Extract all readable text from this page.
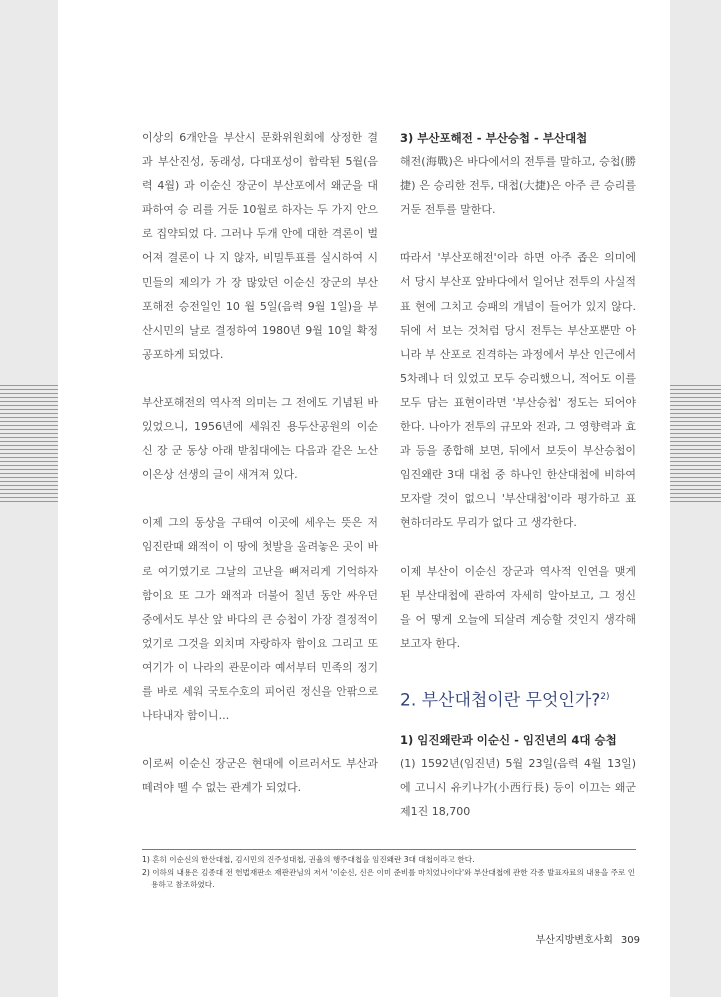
이상의 6개안을 부산시 문화위원회에 상정한 결과 부산진성, 동래성, 다대포성이 함락된 5월(음력 4월) 과 이순신 장군이 부산포에서 왜군을 대파하여 승 리를 거둔 10월로 하자는 두 가지 안으로 집약되었 다. 그러나 두개 안에 대한 격론이 벌어져 결론이 나 지 않자, 비밀투표를 실시하여 시민들의 제의가 가 장 많았던 이순신 장군의 부산포해전 승전일인 10 월 5일(음력 9월 1일)을 부산시민의 날로 결정하여 1980년 9월 10일 확정 공포하게 되었다.

부산포해전의 역사적 의미는 그 전에도 기념된 바 있었으니, 1956년에 세워진 용두산공원의 이순신 장 군 동상 아래 받침대에는 다음과 같은 노산 이은상 선생의 글이 새겨져 있다.

이제 그의 동상을 구태여 이곳에 세우는 뜻은 저 임진란때 왜적이 이 땅에 첫발을 올려놓은 곳이 바 로 여기였기로 그날의 고난을 뼈저리게 기억하자 함이요 또 그가 왜적과 더불어 칠년 동안 싸우던 중에서도 부산 앞 바다의 큰 승첩이 가장 결정적이 었기로 그것을 외치며 자랑하자 함이요 그리고 또 여기가 이 나라의 관문이라 예서부터 민족의 정기 를 바로 세워 국토수호의 피어린 정신을 안팎으로 나타내자 함이니…

이로써 이순신 장군은 현대에 이르러서도 부산과 떼려야 뗄 수 없는 관계가 되었다.

3) 부산포해전 - 부산승첩 - 부산대첩

해전(海戰)은 바다에서의 전투를 말하고, 승첩(勝捷) 은 승리한 전투, 대첩(大捷)은 아주 큰 승리를 거둔 전투를 말한다.

따라서 '부산포해전'이라 하면 아주 좁은 의미에서 당시 부산포 앞바다에서 일어난 전투의 사실적 표 현에 그치고 승패의 개념이 들어가 있지 않다. 뒤에 서 보는 것처럼 당시 전투는 부산포뿐만 아니라 부 산포로 진격하는 과정에서 부산 인근에서 5차례나 더 있었고 모두 승리했으니, 적어도 이를 모두 담는 표현이라면 '부산승첩' 정도는 되어야 한다. 나아가 전투의 규모와 전과, 그 영향력과 효과 등을 종합해 보면, 뒤에서 보듯이 부산승첩이 임진왜란 3대 대첩 중 하나인 한산대첩에 비하여 모자랄 것이 없으니 '부산대첩'이라 평가하고 표현하더라도 무리가 없다 고 생각한다.

이제 부산이 이순신 장군과 역사적 인연을 맺게 된 부산대첩에 관하여 자세히 알아보고, 그 정신을 어 떻게 오늘에 되살려 계승할 것인지 생각해 보고자 한다.

2. 부산대첩이란 무엇인가?$^{2)}$
1) 임진왜란과 이순신 - 임진년의 4대 승첩

(1) 1592년(임진년) 5월 23일(음력 4월 13일)에 고니시 유키나가(小西行長) 등이 이끄는 왜군 제1진 18,700

1) 흔히 이순신의 한산대첩, 김시민의 진주성대첩, 권율의 행주대첩을 임진왜란 3대 대첩이라고 한다.
2) 이하의 내용은 김종대 전 헌법재판소 재판관님의 저서 '이순신, 신은 이미 준비를 마치었나이다'와 부산대첩에 관한 각종 발표자료의 내용을 주로 인용하고 참조하였다.
부산지방변호사회 309
